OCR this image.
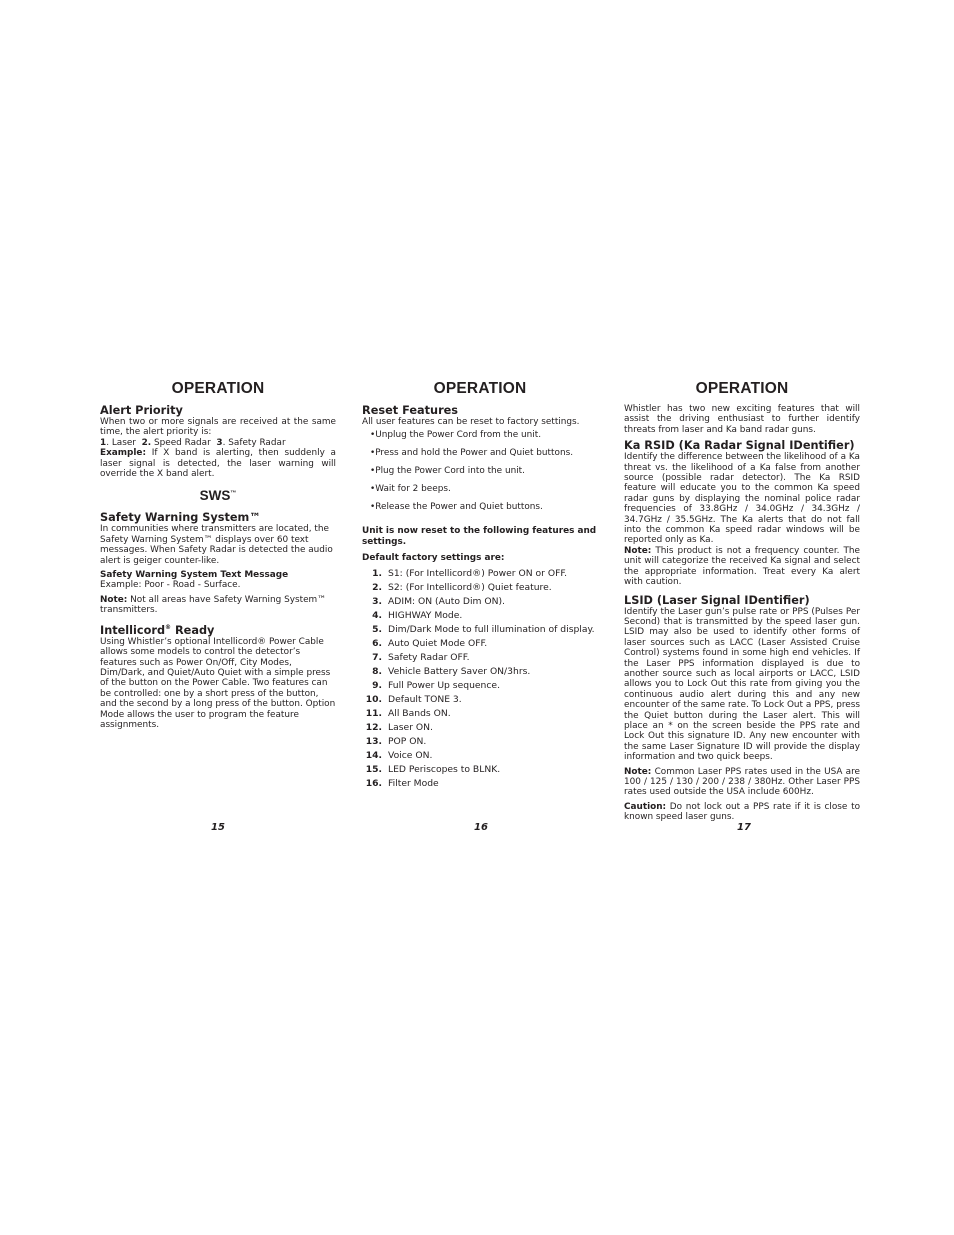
OPERATION
Alert Priority

When two or more signals are received at the same time, the alert priority is:

1. Laser 2. Speed Radar 3. Safety Radar

Example: If X band is alerting, then suddenly a laser signal is detected, the laser warning will override the X band alert.

SWS™
Safety Warning System™

In communities where transmitters are located, the Safety Warning System™ displays over 60 text messages. When Safety Radar is detected the audio alert is geiger counter-like.

Safety Warning System Text Message

Example: Poor - Road - Surface.

Note: Not all areas have Safety Warning System™ transmitters.

Intellicord® Ready

Using Whistler’s optional Intellicord® Power Cable allows some models to control the detector’s features such as Power On/Off, City Modes, Dim/Dark, and Quiet/Auto Quiet with a simple press of the button on the Power Cable. Two features can be controlled: one by a short press of the button, and the second by a long press of the button. Option Mode allows the user to program the feature assignments.

OPERATION
Reset Features

All user features can be reset to factory settings.

•Unplug the Power Cord from the unit.

•Press and hold the Power and Quiet buttons.

•Plug the Power Cord into the unit.

•Wait for 2 beeps.

•Release the Power and Quiet buttons.

Unit is now reset to the following features and settings.

Default factory settings are:

1. S1: (For Intellicord®) Power ON or OFF.
2. S2: (For Intellicord®) Quiet feature.
3. ADIM: ON (Auto Dim ON).
4. HIGHWAY Mode.
5. Dim/Dark Mode to full illumination of display.
6. Auto Quiet Mode OFF.
7. Safety Radar OFF.
8. Vehicle Battery Saver ON/3hrs.
9. Full Power Up sequence.
10. Default TONE 3.
11. All Bands ON.
12. Laser ON.
13. POP ON.
14. Voice ON.
15. LED Periscopes to BLNK.
16. Filter Mode
OPERATION

Whistler has two new exciting features that will assist the driving enthusiast to further identify threats from laser and Ka band radar guns.

Ka RSID (Ka Radar Signal IDentifier)

Identify the difference between the likelihood of a Ka threat vs. the likelihood of a Ka false from another source (possible radar detector). The Ka RSID feature will educate you to the common Ka speed radar guns by displaying the nominal police radar frequencies of 33.8GHz / 34.0GHz / 34.3GHz / 34.7GHz / 35.5GHz. The Ka alerts that do not fall into the common Ka speed radar windows will be reported only as Ka.

Note: This product is not a frequency counter. The unit will categorize the received Ka signal and select the appropriate information. Treat every Ka alert with caution.

LSID (Laser Signal IDentifier)

Identify the Laser gun’s pulse rate or PPS (Pulses Per Second) that is transmitted by the speed laser gun. LSID may also be used to identify other forms of laser sources such as LACC (Laser Assisted Cruise Control) systems found in some high end vehicles. If the Laser PPS information displayed is due to another source such as local airports or LACC, LSID allows you to Lock Out this rate from giving you the continuous audio alert during this and any new encounter of the same rate. To Lock Out a PPS, press the Quiet button during the Laser alert. This will place an * on the screen beside the PPS rate and Lock Out this signature ID. Any new encounter with the same Laser Signature ID will provide the display information and two quick beeps.

Note: Common Laser PPS rates used in the USA are 100 / 125 / 130 / 200 / 238 / 380Hz. Other Laser PPS rates used outside the USA include 600Hz.

Caution: Do not lock out a PPS rate if it is close to known speed laser guns.

15	16	17
